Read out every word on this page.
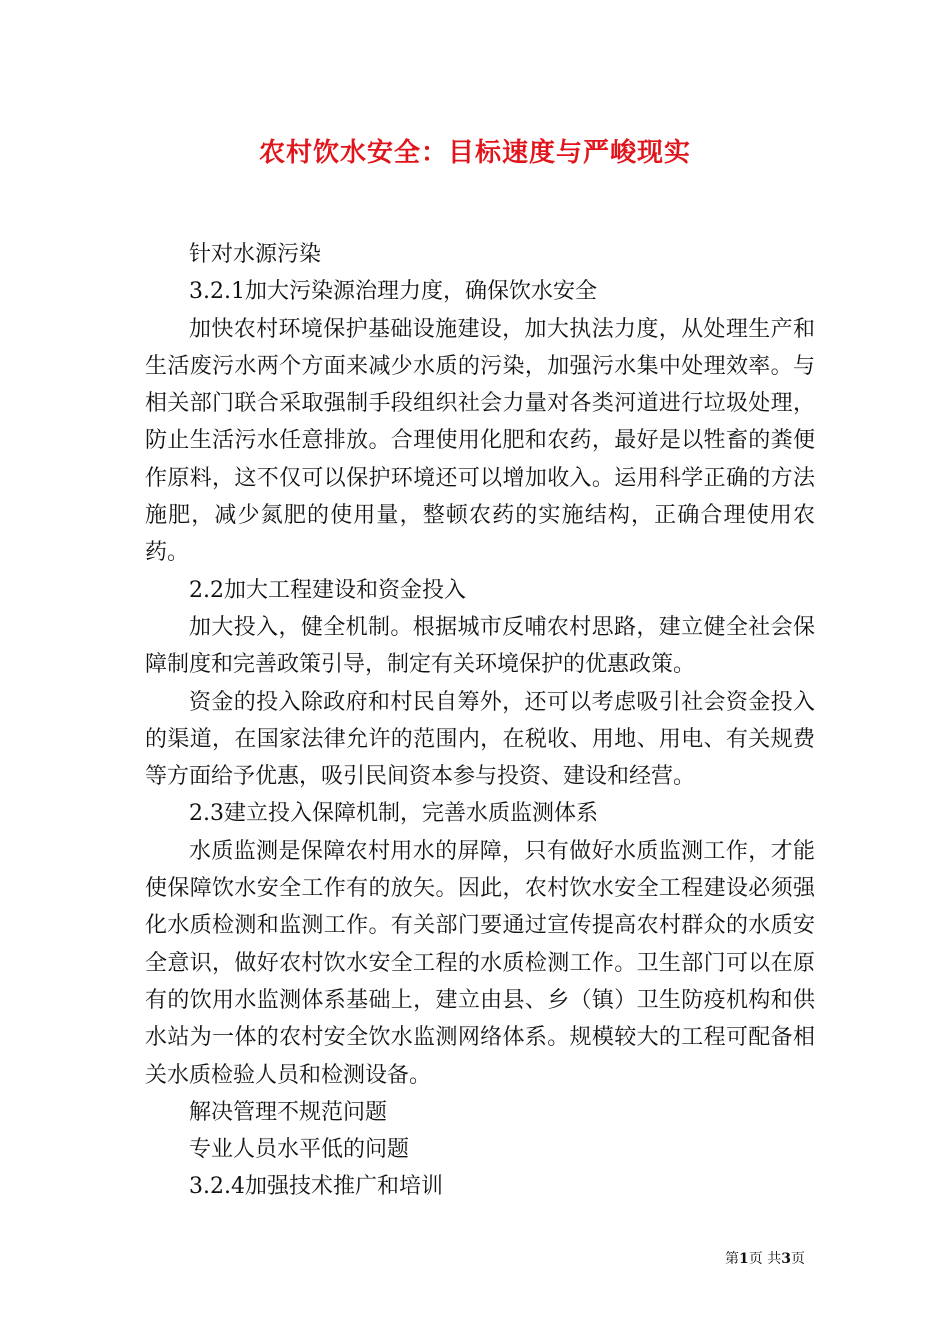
农村饮水安全：目标速度与严峻现实

针对水源污染

3.2.1加大污染源治理力度，确保饮水安全

加快农村环境保护基础设施建设，加大执法力度，从处理生产和生活废污水两个方面来减少水质的污染，加强污水集中处理效率。与相关部门联合采取强制手段组织社会力量对各类河道进行垃圾处理，防止生活污水任意排放。合理使用化肥和农药，最好是以牲畜的粪便作原料，这不仅可以保护环境还可以增加收入。运用科学正确的方法施肥，减少氮肥的使用量，整顿农药的实施结构，正确合理使用农药。

2.2加大工程建设和资金投入

加大投入，健全机制。根据城市反哺农村思路，建立健全社会保障制度和完善政策引导，制定有关环境保护的优惠政策。

资金的投入除政府和村民自筹外，还可以考虑吸引社会资金投入的渠道，在国家法律允许的范围内，在税收、用地、用电、有关规费等方面给予优惠，吸引民间资本参与投资、建设和经营。

2.3建立投入保障机制，完善水质监测体系

水质监测是保障农村用水的屏障，只有做好水质监测工作，才能使保障饮水安全工作有的放矢。因此，农村饮水安全工程建设必须强化水质检测和监测工作。有关部门要通过宣传提高农村群众的水质安全意识，做好农村饮水安全工程的水质检测工作。卫生部门可以在原有的饮用水监测体系基础上，建立由县、乡（镇）卫生防疫机构和供水站为一体的农村安全饮水监测网络体系。规模较大的工程可配备相关水质检验人员和检测设备。

解决管理不规范问题

专业人员水平低的问题

3.2.4加强技术推广和培训

第1页 共3页
